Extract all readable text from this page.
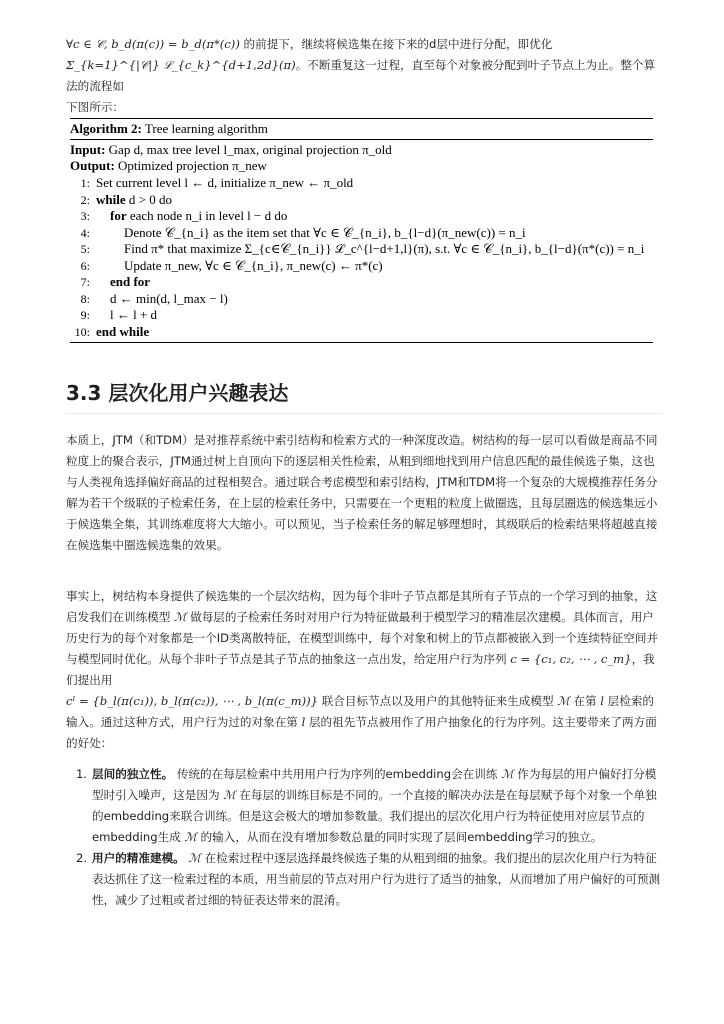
∀c ∈ 𝒞, b_d(π(c)) = b_d(π*(c)) 的前提下，继续将候选集在接下来的d层中进行分配，即优化
Σ_{k=1}^{|𝒞|} ℒ_{c_k}^{d+1,2d}(π)。不断重复这一过程，直至每个对象被分配到叶子节点上为止。整个算法的流程如
下图所示：

Algorithm 2: Tree learning algorithm
Input: Gap d, max tree level l_max, original projection π_old
Output: Optimized projection π_new
1: Set current level l ← d, initialize π_new ← π_old
2: while d > 0 do
3: for each node n_i in level l − d do
4:	Denote 𝒞_{n_i} as the item set that ∀c ∈ 𝒞_{n_i}, b_{l−d}(π_new(c)) = n_i
5:	Find π* that maximize Σ_{c∈𝒞_{n_i}} ℒ_c^{l−d+1,l}(π), s.t. ∀c ∈ 𝒞_{n_i}, b_{l−d}(π*(c)) = n_i
6:	Update π_new, ∀c ∈ 𝒞_{n_i}, π_new(c) ← π*(c)
7: end for
8: d ← min(d, l_max − l)
9: l ← l + d
10: end while
3.3 层次化用户兴趣表达

本质上，JTM（和TDM）是对推荐系统中索引结构和检索方式的一种深度改造。树结构的每一层可以看做是商品不同粒度上的聚合表示，JTM通过树上自顶向下的逐层相关性检索，从粗到细地找到用户信息匹配的最佳候选子集，这也与人类视角选择偏好商品的过程相契合。通过联合考虑模型和索引结构，JTM和TDM将一个复杂的大规模推荐任务分解为若干个级联的子检索任务，在上层的检索任务中，只需要在一个更粗的粒度上做圈选，且每层圈选的候选集远小于候选集全集，其训练难度将大大缩小。可以预见，当子检索任务的解足够理想时，其级联后的检索结果将超越直接在候选集中圈选候选集的效果。

事实上，树结构本身提供了候选集的一个层次结构，因为每个非叶子节点都是其所有子节点的一个学习到的抽象，这启发我们在训练模型 ℳ 做每层的子检索任务时对用户行为特征做最利于模型学习的精准层次建模。具体而言，用户历史行为的每个对象都是一个ID类离散特征，在模型训练中，每个对象和树上的节点都被嵌入到一个连续特征空间并与模型同时优化。从每个非叶子节点是其子节点的抽象这一点出发，给定用户行为序列 c = {c₁, c₂, ⋯ , c_m}，我们提出用
cˡ = {b_l(π(c₁)), b_l(π(c₂)), ⋯ , b_l(π(c_m))} 联合目标节点以及用户的其他特征来生成模型 ℳ 在第 l 层检索的输入。通过这种方式，用户行为过的对象在第 l 层的祖先节点被用作了用户抽象化的行为序列。这主要带来了两方面的好处：

1. 层间的独立性。 传统的在每层检索中共用用户行为序列的embedding会在训练 ℳ 作为每层的用户偏好打分模型时引入噪声，这是因为 ℳ 在每层的训练目标是不同的。一个直接的解决办法是在每层赋予每个对象一个单独的embedding来联合训练。但是这会极大的增加参数量。我们提出的层次化用户行为特征使用对应层节点的embedding生成 ℳ 的输入，从而在没有增加参数总量的同时实现了层间embedding学习的独立。
2. 用户的精准建模。 ℳ 在检索过程中逐层选择最终候选子集的从粗到细的抽象。我们提出的层次化用户行为特征表达抓住了这一检索过程的本质，用当前层的节点对用户行为进行了适当的抽象，从而增加了用户偏好的可预测性，减少了过粗或者过细的特征表达带来的混淆。
